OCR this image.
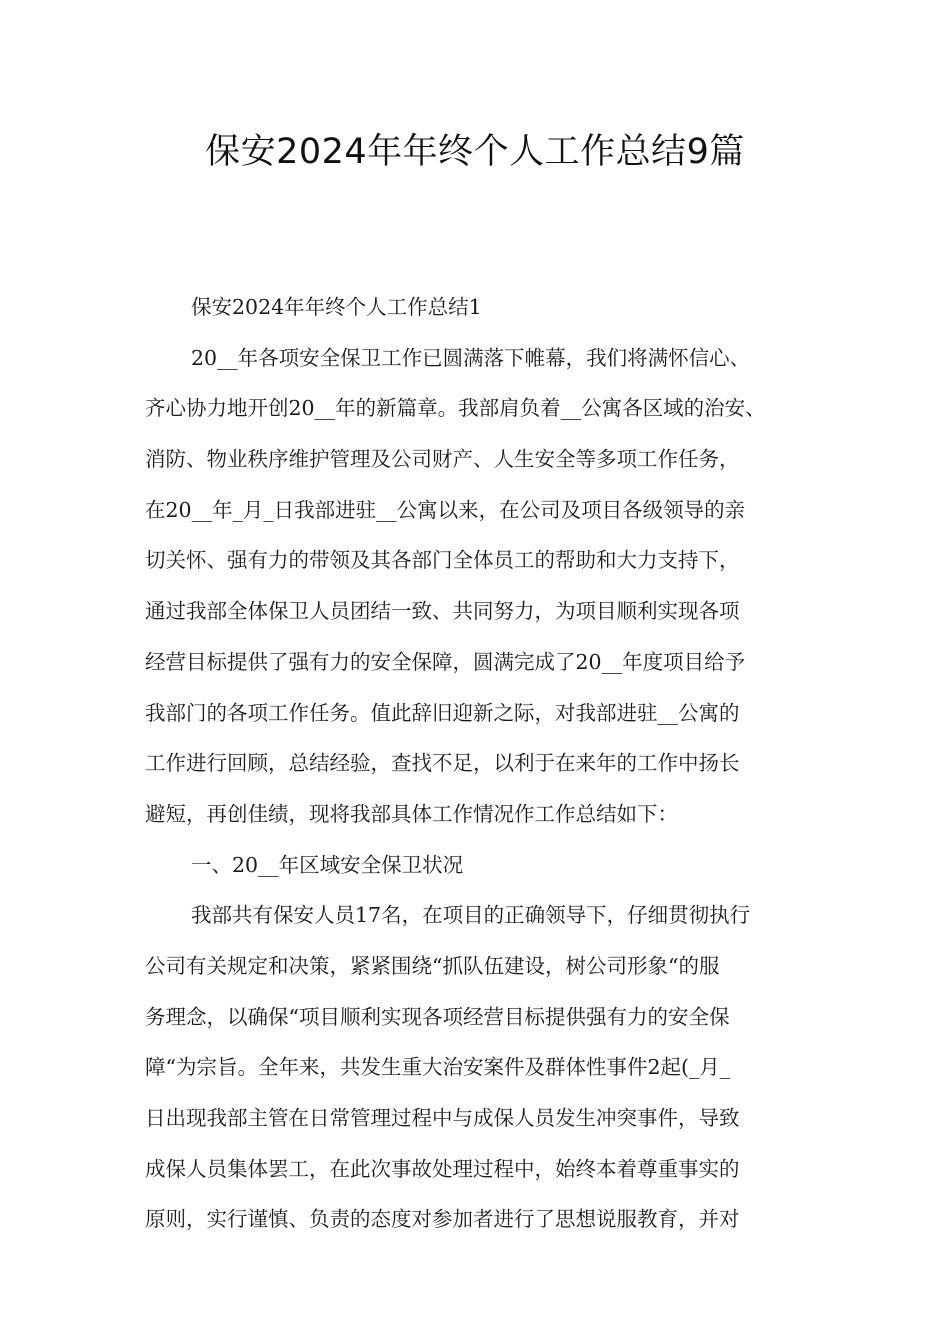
保安2024年年终个人工作总结9篇

保安2024年年终个人工作总结1

20__年各项安全保卫工作已圆满落下帷幕，我们将满怀信心、

齐心协力地开创20__年的新篇章。我部肩负着__公寓各区域的治安、

消防、物业秩序维护管理及公司财产、人生安全等多项工作任务，

在20__年_月_日我部进驻__公寓以来，在公司及项目各级领导的亲

切关怀、强有力的带领及其各部门全体员工的帮助和大力支持下，

通过我部全体保卫人员团结一致、共同努力，为项目顺利实现各项

经营目标提供了强有力的安全保障，圆满完成了20__年度项目给予

我部门的各项工作任务。值此辞旧迎新之际，对我部进驻__公寓的

工作进行回顾，总结经验，查找不足，以利于在来年的工作中扬长

避短，再创佳绩，现将我部具体工作情况作工作总结如下：

一、20__年区域安全保卫状况

我部共有保安人员17名，在项目的正确领导下，仔细贯彻执行

公司有关规定和决策，紧紧围绕“抓队伍建设，树公司形象“的服

务理念，以确保“项目顺利实现各项经营目标提供强有力的安全保

障“为宗旨。全年来，共发生重大治安案件及群体性事件2起(_月_

日出现我部主管在日常管理过程中与成保人员发生冲突事件，导致

成保人员集体罢工，在此次事故处理过程中，始终本着尊重事实的

原则，实行谨慎、负责的态度对参加者进行了思想说服教育，并对
